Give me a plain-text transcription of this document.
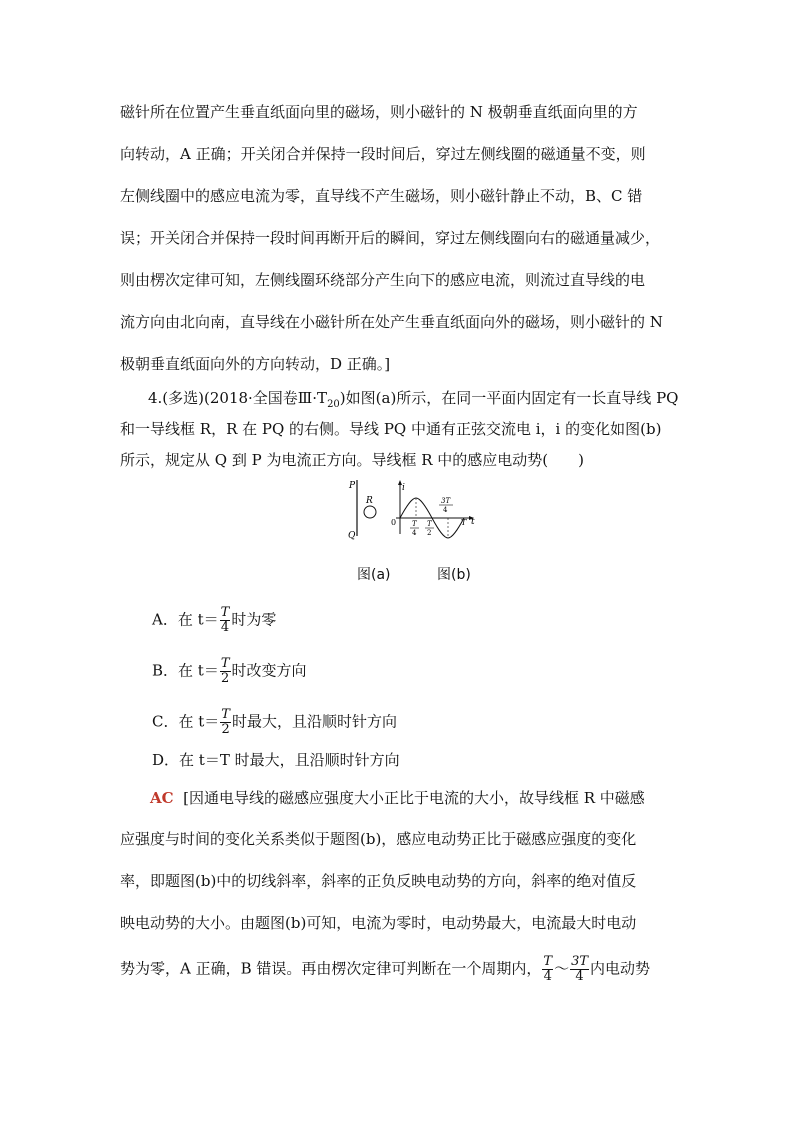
磁针所在位置产生垂直纸面向里的磁场，则小磁针的 N 极朝垂直纸面向里的方
向转动，A 正确；开关闭合并保持一段时间后，穿过左侧线圈的磁通量不变，则
左侧线圈中的感应电流为零，直导线不产生磁场，则小磁针静止不动，B、C 错
误；开关闭合并保持一段时间再断开后的瞬间，穿过左侧线圈向右的磁通量减少，
则由楞次定律可知，左侧线圈环绕部分产生向下的感应电流，则流过直导线的电
流方向由北向南，直导线在小磁针所在处产生垂直纸面向外的磁场，则小磁针的 N
极朝垂直纸面向外的方向转动，D 正确。]
4.(多选)(2018·全国卷$Ⅲ\cdot T_{20}$)如图(a)所示，在同一平面内固定有一长直导线 PQ
和一导线框 R，R 在 PQ 的右侧。导线 PQ 中通有正弦交流电 i，i 的变化如图(b)
所示，规定从 Q 到 P 为电流正方向。导线框 R 中的感应电动势(　　)
P
Q
R
i
0	t
T
T
4
T
2
3T
4
图(a)	图(b)
A．在 $t= \frac{T}{4}$ 时为零
B．在 $t= \frac{T}{2}$ 时改变方向
C．在 $t= \frac{T}{2}$ 时最大，且沿顺时针方向
D．在 t＝T 时最大，且沿顺时针方向
AC [因通电导线的磁感应强度大小正比于电流的大小，故导线框 R 中磁感
应强度与时间的变化关系类似于题图(b)，感应电动势正比于磁感应强度的变化
率，即题图(b)中的切线斜率，斜率的正负反映电动势的方向，斜率的绝对值反
映电动势的大小。由题图(b)可知，电流为零时，电动势最大，电流最大时电动
势为零，A 正确，B 错误。再由楞次定律可判断在一个周期内， $\frac{T}{4}$ ～ $\frac{3T}{4}$ 内电动势
